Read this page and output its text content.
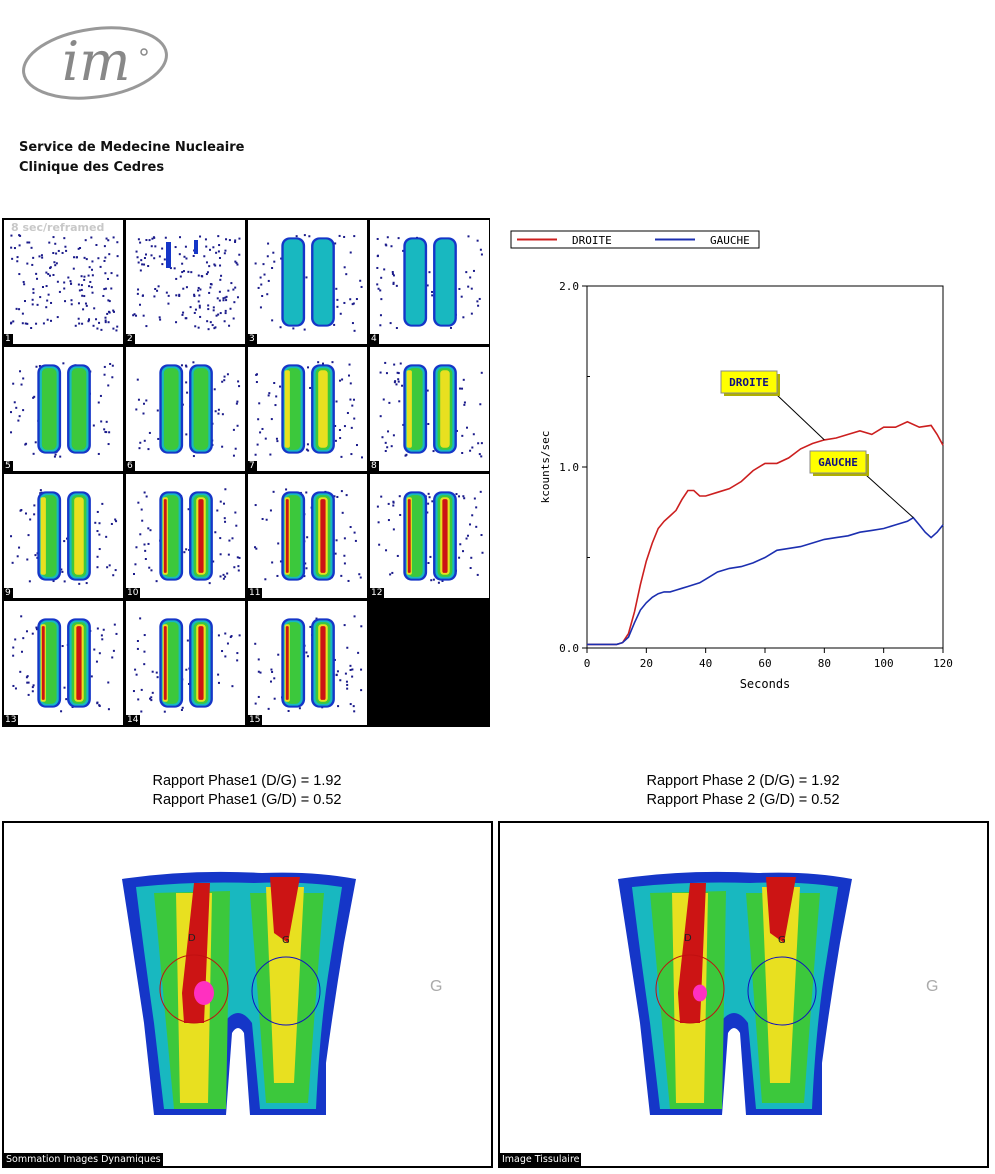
im
Service de Medecine Nucleaire
Clinique des Cedres
1	2	3	4
5	6	7	8
9	10	11	12
13	14	15
8 sec/reframed
DROITE	GAUCHE
0	20	40	60	80	100	120
0.0
1.0
2.0
DROITE
GAUCHE
kcounts/sec
Seconds
Rapport Phase1 (D/G) = 1.92
Rapport Phase1 (G/D) = 0.52
Rapport Phase 2 (D/G) = 1.92
Rapport Phase 2 (G/D) = 0.52
D	G
G
Sommation Images Dynamiques
D	G
G
Image Tissulaire
